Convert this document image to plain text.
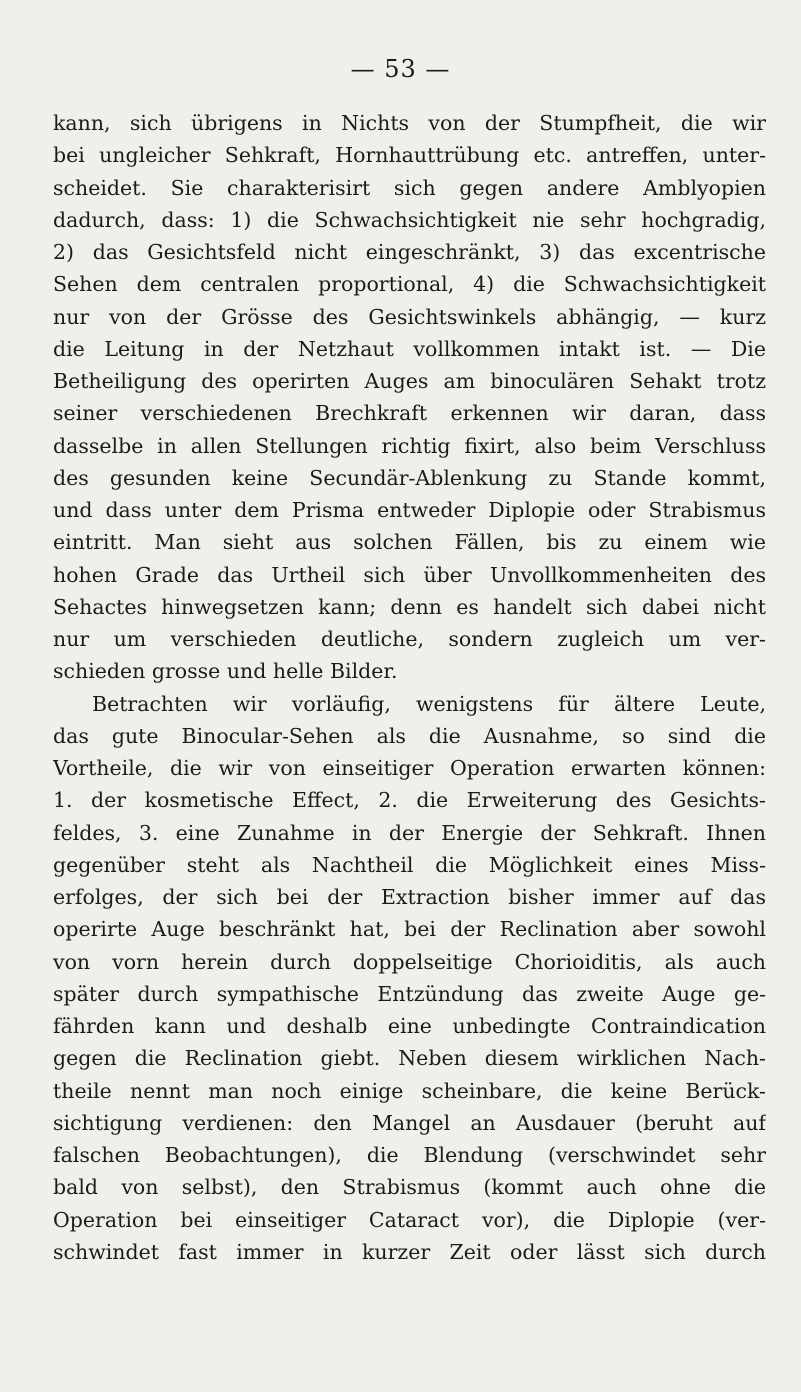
— 53 —
kann, sich übrigens in Nichts von der Stumpfheit, die wir
bei ungleicher Sehkraft, Hornhauttrübung etc. antreffen, unter-
scheidet. Sie charakterisirt sich gegen andere Amblyopien
dadurch, dass: 1) die Schwachsichtigkeit nie sehr hochgradig,
2) das Gesichtsfeld nicht eingeschränkt, 3) das excentrische
Sehen dem centralen proportional, 4) die Schwachsichtigkeit
nur von der Grösse des Gesichtswinkels abhängig, — kurz
die Leitung in der Netzhaut vollkommen intakt ist. — Die
Betheiligung des operirten Auges am binoculären Sehakt trotz
seiner verschiedenen Brechkraft erkennen wir daran, dass
dasselbe in allen Stellungen richtig fixirt, also beim Verschluss
des gesunden keine Secundär-Ablenkung zu Stande kommt,
und dass unter dem Prisma entweder Diplopie oder Strabismus
eintritt. Man sieht aus solchen Fällen, bis zu einem wie
hohen Grade das Urtheil sich über Unvollkommenheiten des
Sehactes hinwegsetzen kann; denn es handelt sich dabei nicht
nur um verschieden deutliche, sondern zugleich um ver-
schieden grosse und helle Bilder.
Betrachten wir vorläufig, wenigstens für ältere Leute,
das gute Binocular-Sehen als die Ausnahme, so sind die
Vortheile, die wir von einseitiger Operation erwarten können:
1. der kosmetische Effect, 2. die Erweiterung des Gesichts-
feldes, 3. eine Zunahme in der Energie der Sehkraft. Ihnen
gegenüber steht als Nachtheil die Möglichkeit eines Miss-
erfolges, der sich bei der Extraction bisher immer auf das
operirte Auge beschränkt hat, bei der Reclination aber sowohl
von vorn herein durch doppelseitige Chorioiditis, als auch
später durch sympathische Entzündung das zweite Auge ge-
fährden kann und deshalb eine unbedingte Contraindication
gegen die Reclination giebt. Neben diesem wirklichen Nach-
theile nennt man noch einige scheinbare, die keine Berück-
sichtigung verdienen: den Mangel an Ausdauer (beruht auf
falschen Beobachtungen), die Blendung (verschwindet sehr
bald von selbst), den Strabismus (kommt auch ohne die
Operation bei einseitiger Cataract vor), die Diplopie (ver-
schwindet fast immer in kurzer Zeit oder lässt sich durch
